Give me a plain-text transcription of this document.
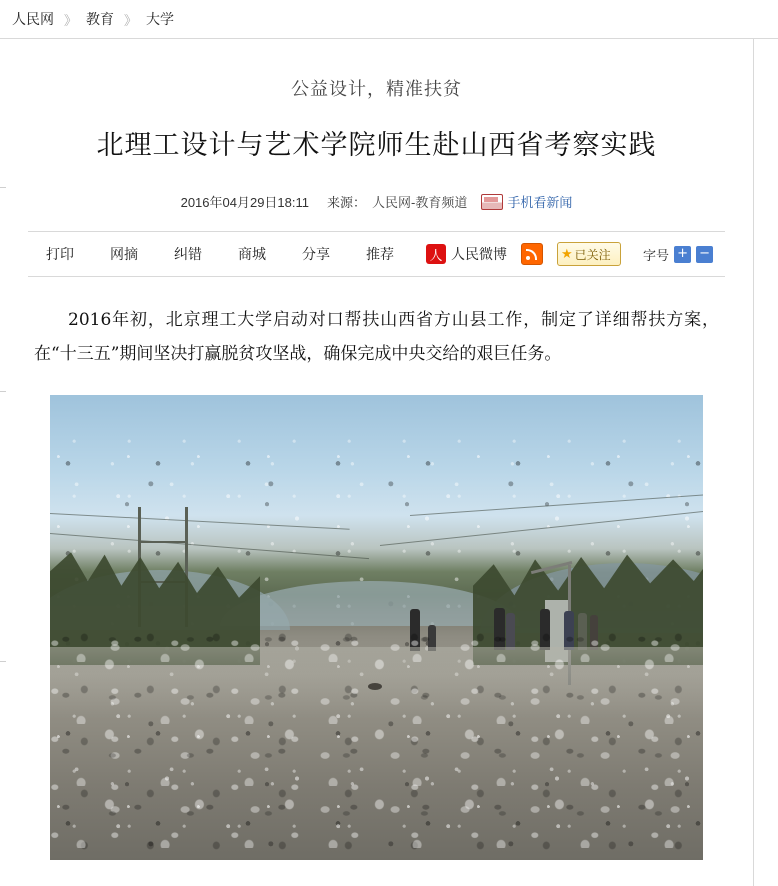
人民网 》 教育 》 大学
公益设计，精准扶贫
北理工设计与艺术学院师生赴山西省考察实践
2016年04月29日18:11 来源： 人民网-教育频道	手机看新闻
打印	网摘	纠错	商城	分享	推荐	人 人民微博	★ 已关注 字号 + −

2016年初，北京理工大学启动对口帮扶山西省方山县工作，制定了详细帮扶方案，在“十三五”期间坚决打赢脱贫攻坚战，确保完成中央交给的艰巨任务。
